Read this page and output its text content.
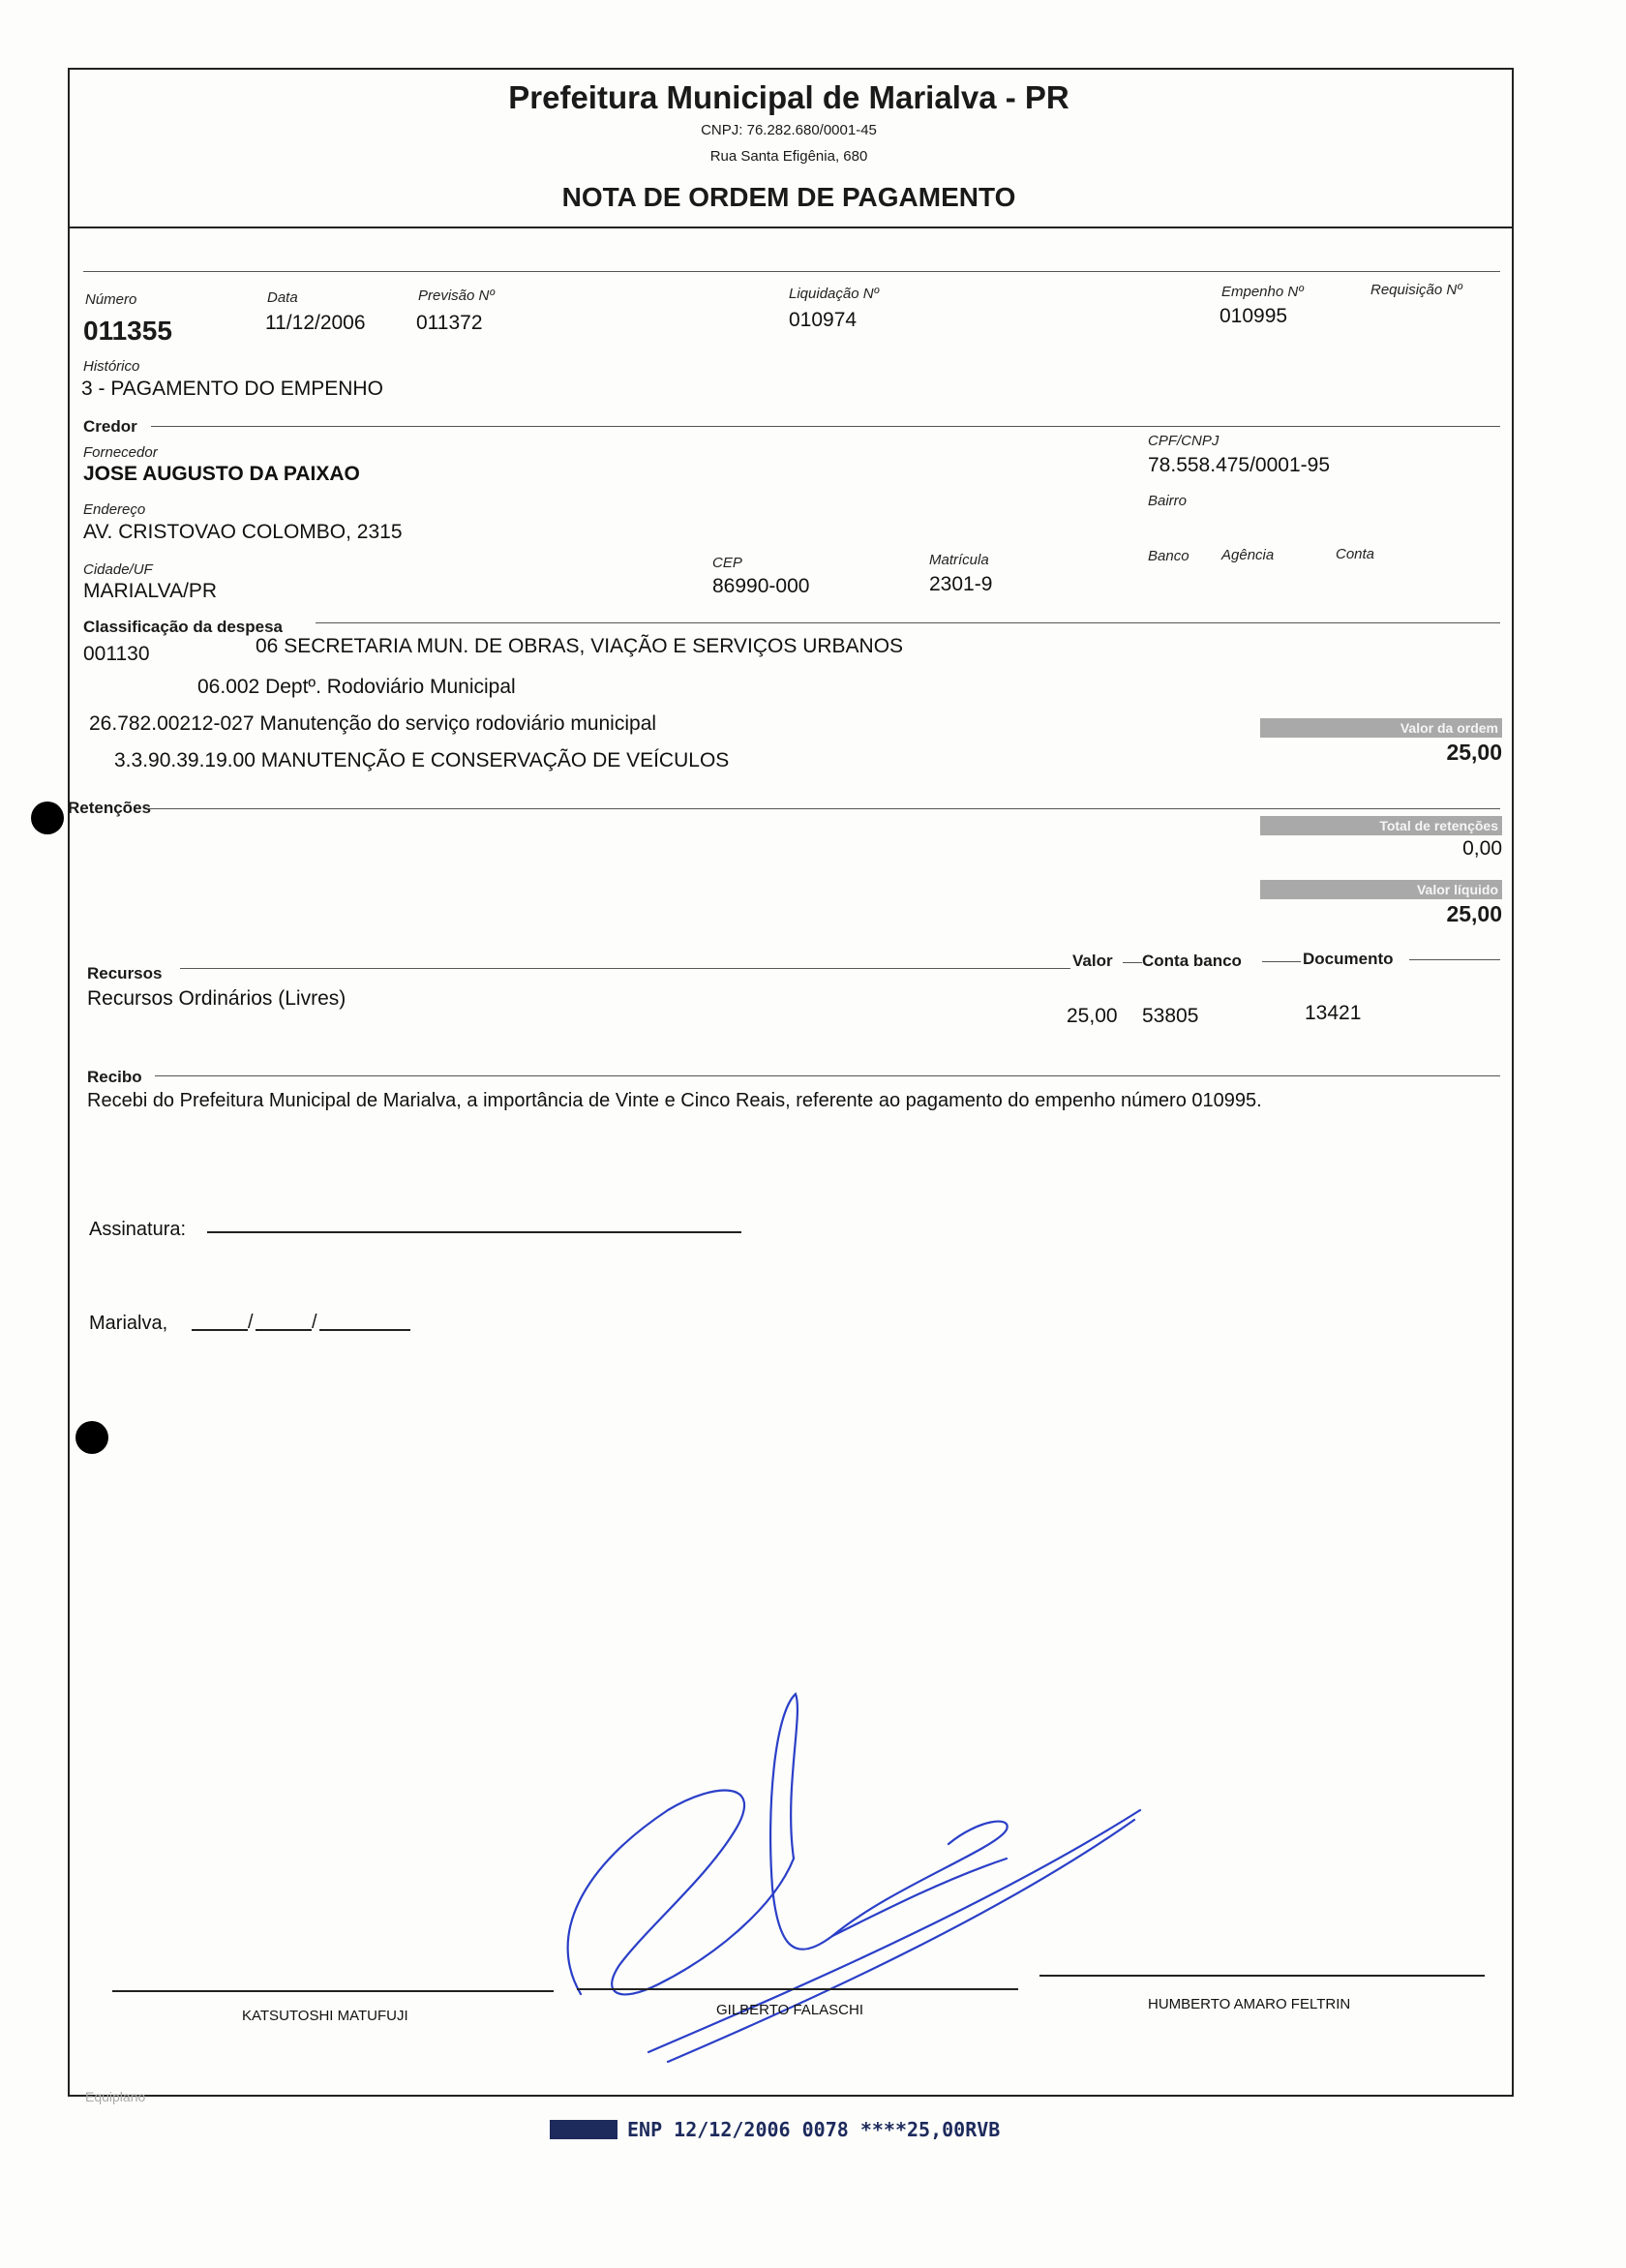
Prefeitura Municipal de Marialva - PR
CNPJ: 76.282.680/0001-45
Rua Santa Efigênia, 680
NOTA DE ORDEM DE PAGAMENTO
Número
011355
Data
11/12/2006
Previsão Nº
011372
Liquidação Nº
010974
Empenho Nº
010995
Requisição Nº
Histórico
3 - PAGAMENTO DO EMPENHO
Credor
Fornecedor
JOSE AUGUSTO DA PAIXAO
CPF/CNPJ
78.558.475/0001-95
Endereço
AV. CRISTOVAO COLOMBO, 2315
Bairro
Cidade/UF
MARIALVA/PR
CEP
86990-000
Matrícula
2301-9
Banco Agência	Conta
Classificação da despesa
001130	06 SECRETARIA MUN. DE OBRAS, VIAÇÃO E SERVIÇOS URBANOS
06.002 Deptº. Rodoviário Municipal
26.782.00212-027 Manutenção do serviço rodoviário municipal
3.3.90.39.19.00 MANUTENÇÃO E CONSERVAÇÃO DE VEÍCULOS
Valor da ordem
25,00
Retenções
Total de retenções
0,00
Valor líquido
25,00
Recursos
Valor Conta banco	Documento
Recursos Ordinários (Livres)
25,00 53805	13421
Recibo
Recebi do Prefeitura Municipal de Marialva, a importância de Vinte e Cinco Reais, referente ao pagamento do empenho número 010995.
Assinatura:
Marialva,	/	/
KATSUTOSHI MATUFUJI	GILBERTO FALASCHI	HUMBERTO AMARO FELTRIN
Equiplano
ENP 12/12/2006 0078 ****25,00RVB
